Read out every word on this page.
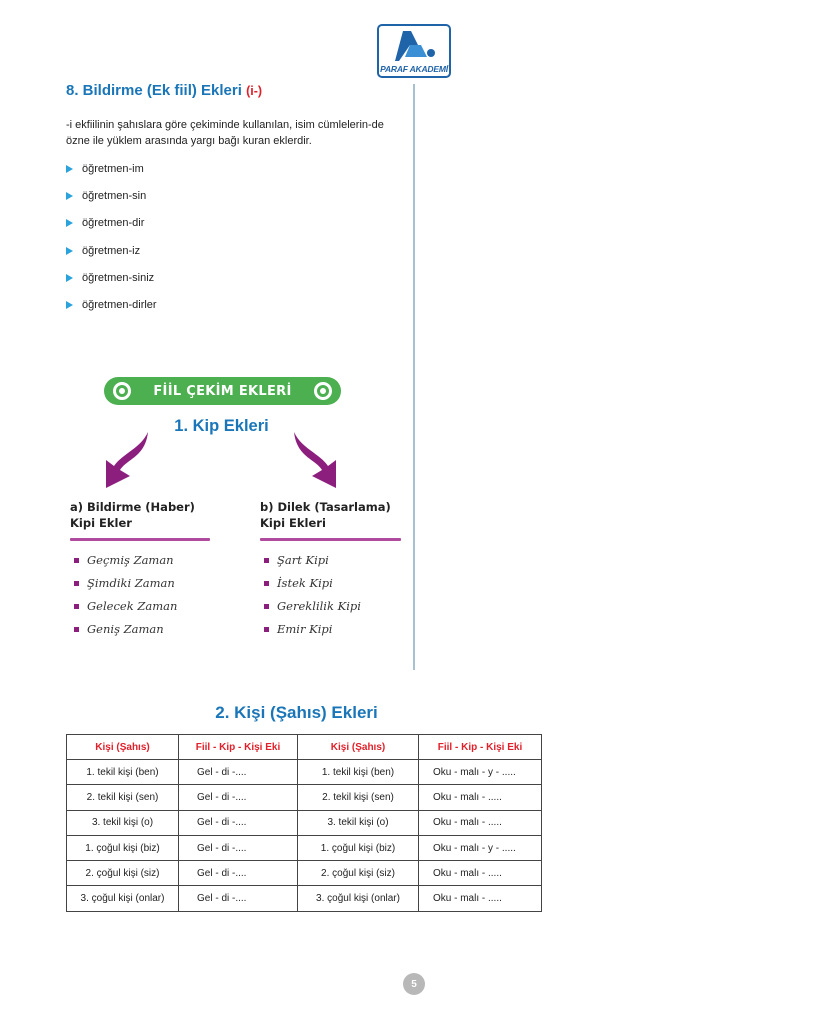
PARAF AKADEMİ
8. Bildirme (Ek fiil) Ekleri (i-)

-i ekfiilinin şahıslara göre çekiminde kullanılan, isim cümlelerin-de özne ile yüklem arasında yargı bağı kuran eklerdir.

öğretmen-im
öğretmen-sin
öğretmen-dir
öğretmen-iz
öğretmen-siniz
öğretmen-dirler
FİİL ÇEKİM EKLERİ
1. Kip Ekleri
a) Bildirme (Haber)
Kipi Ekler
Geçmiş Zaman
Şimdiki Zaman
Gelecek Zaman
Geniş Zaman
b) Dilek (Tasarlama)
Kipi Ekleri
Şart Kipi
İstek Kipi
Gereklilik Kipi
Emir Kipi
2. Kişi (Şahıs) Ekleri
Kişi (Şahıs)	Fiil - Kip - Kişi Eki	Kişi (Şahıs)	Fiil - Kip - Kişi Eki
1. tekil kişi (ben)	Gel - di -....	1. tekil kişi (ben)	Oku - malı - y - .....
2. tekil kişi (sen)	Gel - di -....	2. tekil kişi (sen)	Oku - malı - .....
3. tekil kişi (o)	Gel - di -....	3. tekil kişi (o)	Oku - malı - .....
1. çoğul kişi (biz)	Gel - di -....	1. çoğul kişi (biz)	Oku - malı - y - .....
2. çoğul kişi (siz)	Gel - di -....	2. çoğul kişi (siz)	Oku - malı - .....
3. çoğul kişi (onlar)	Gel - di -....	3. çoğul kişi (onlar)	Oku - malı - .....
5
